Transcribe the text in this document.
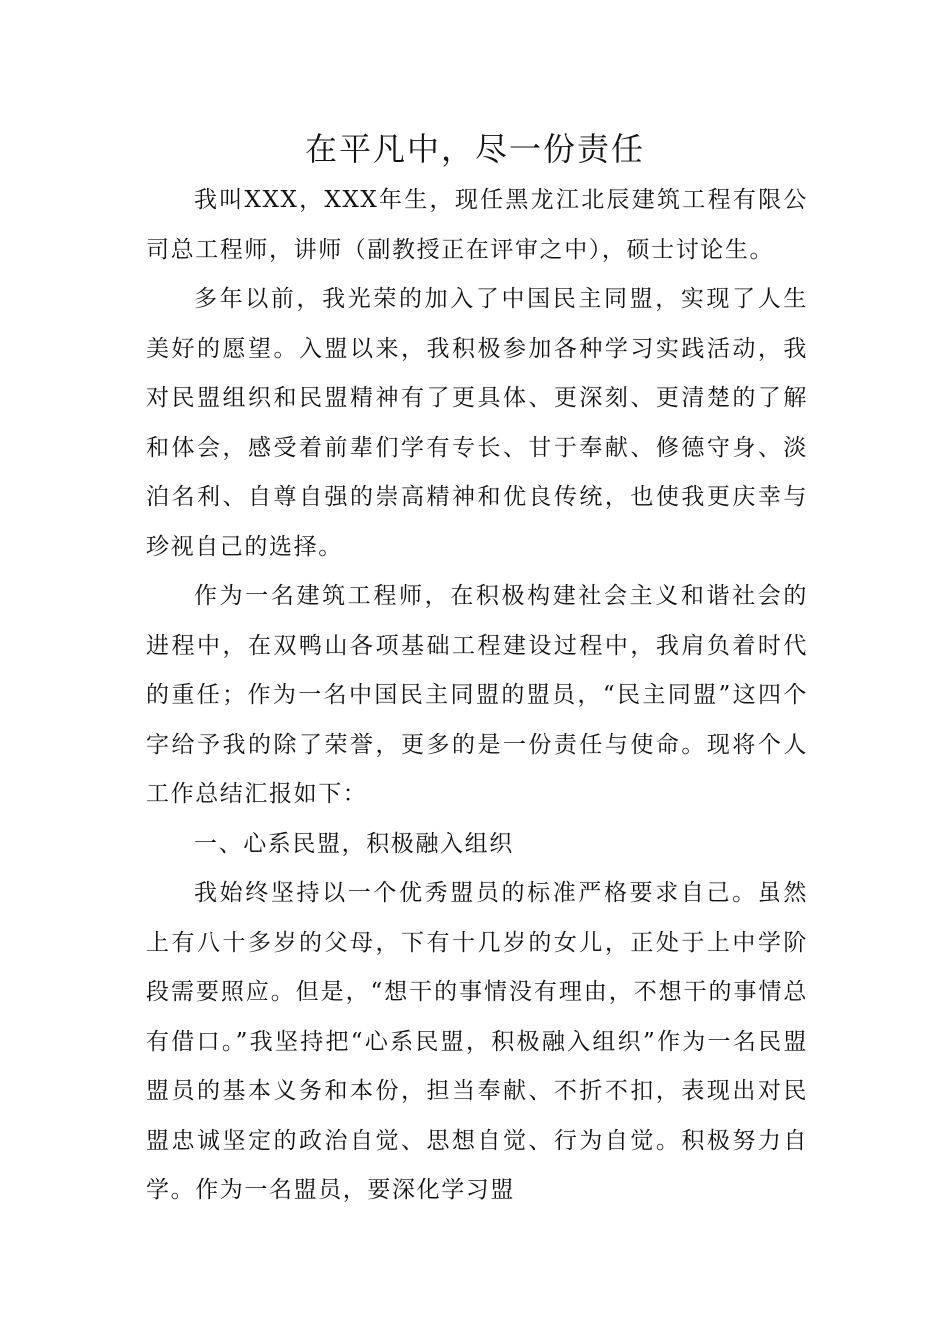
在平凡中，尽一份责任

我叫XXX，XXX年生，现任黑龙江北辰建筑工程有限公司总工程师，讲师（副教授正在评审之中），硕士讨论生。

多年以前，我光荣的加入了中国民主同盟，实现了人生美好的愿望。入盟以来，我积极参加各种学习实践活动，我对民盟组织和民盟精神有了更具体、更深刻、更清楚的了解和体会，感受着前辈们学有专长、甘于奉献、修德守身、淡泊名利、自尊自强的崇高精神和优良传统，也使我更庆幸与珍视自己的选择。

作为一名建筑工程师，在积极构建社会主义和谐社会的进程中，在双鸭山各项基础工程建设过程中，我肩负着时代的重任；作为一名中国民主同盟的盟员，“民主同盟”这四个字给予我的除了荣誉，更多的是一份责任与使命。现将个人工作总结汇报如下：

一、心系民盟，积极融入组织

我始终坚持以一个优秀盟员的标准严格要求自己。虽然上有八十多岁的父母，下有十几岁的女儿，正处于上中学阶段需要照应。但是，“想干的事情没有理由，不想干的事情总有借口。”我坚持把“心系民盟，积极融入组织”作为一名民盟盟员的基本义务和本份，担当奉献、不折不扣，表现出对民盟忠诚坚定的政治自觉、思想自觉、行为自觉。积极努力自学。作为一名盟员，要深化学习盟
